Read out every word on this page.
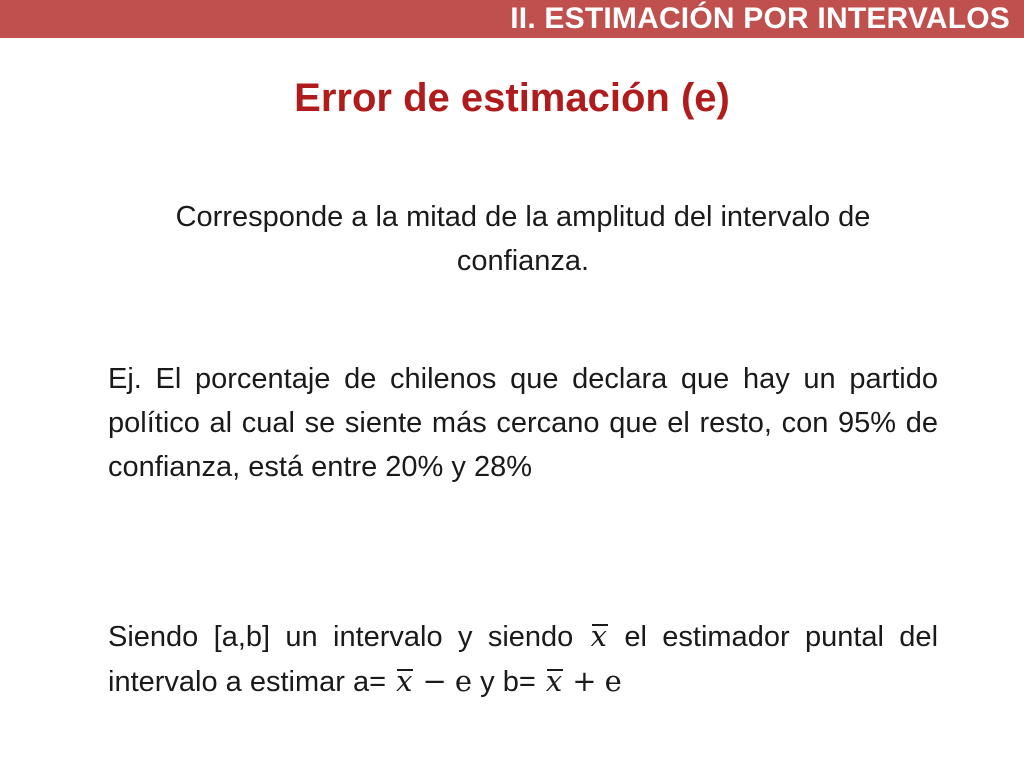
II. ESTIMACIÓN POR INTERVALOS
Error de estimación (e)
Corresponde a la mitad de la amplitud del intervalo de confianza.
Ej. El porcentaje de chilenos que declara que hay un partido político al cual se siente más cercano que el resto, con 95% de confianza, está entre 20% y 28%
Siendo [a,b] un intervalo y siendo x el estimador puntal del intervalo a estimar a= x − e y b= x + e
